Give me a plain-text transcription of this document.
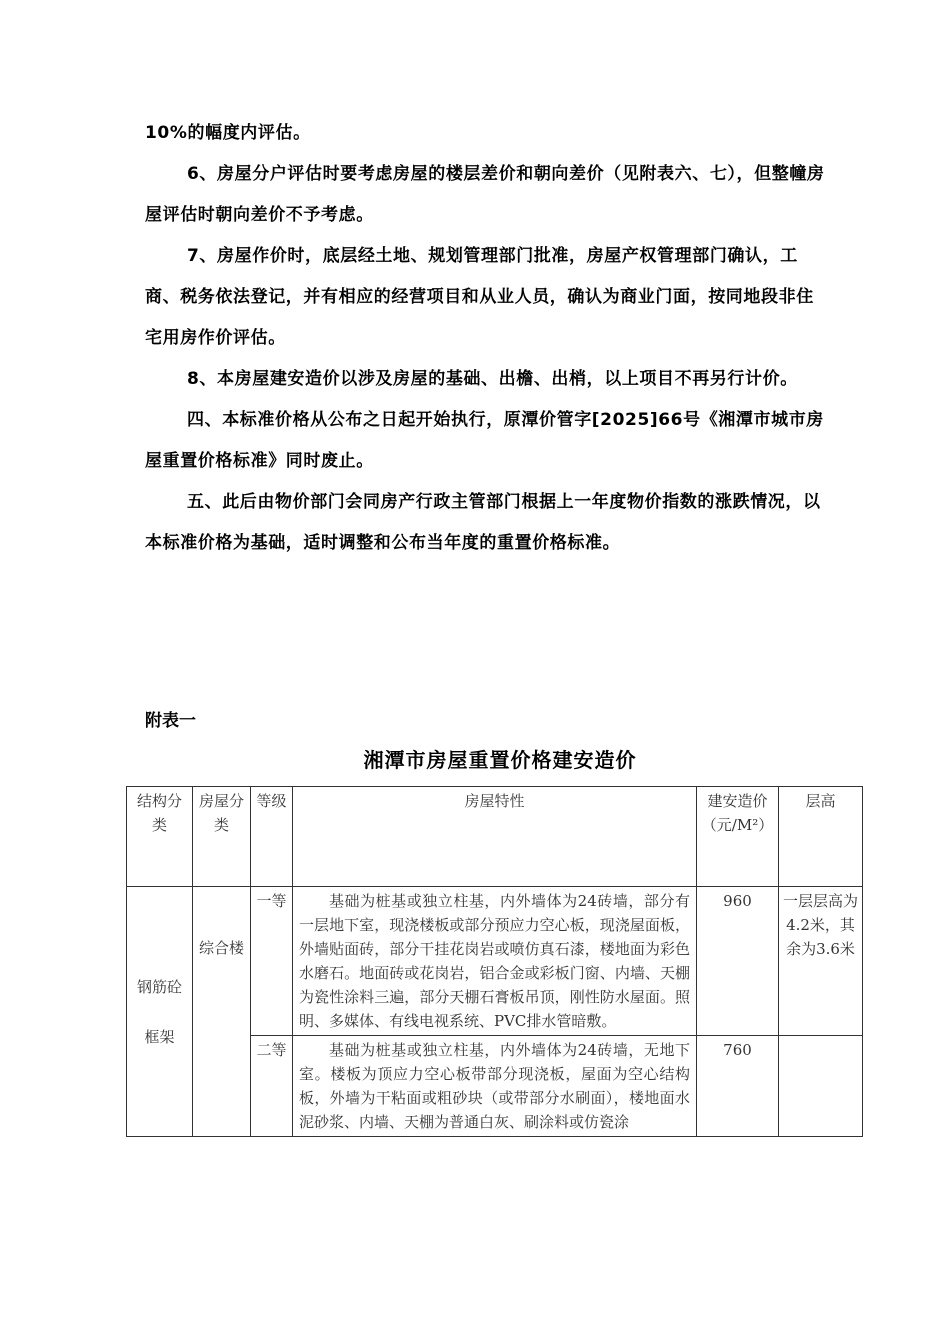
10%的幅度内评估。

6、房屋分户评估时要考虑房屋的楼层差价和朝向差价（见附表六、七），但整幢房屋评估时朝向差价不予考虑。

7、房屋作价时，底层经土地、规划管理部门批准，房屋产权管理部门确认，工商、税务依法登记，并有相应的经营项目和从业人员，确认为商业门面，按同地段非住宅用房作价评估。

8、本房屋建安造价以涉及房屋的基础、出檐、出梢，以上项目不再另行计价。

四、本标准价格从公布之日起开始执行，原潭价管字[2025]66号《湘潭市城市房屋重置价格标准》同时废止。

五、此后由物价部门会同房产行政主管部门根据上一年度物价指数的涨跌情况，以本标准价格为基础，适时调整和公布当年度的重置价格标准。

附表一
湘潭市房屋重置价格建安造价
结构分类	房屋分类	等级	房屋特性	建安造价（元/M²）	层高
钢筋砼框架	综合楼	一等	基础为桩基或独立柱基，内外墙体为24砖墙，部分有一层地下室，现浇楼板或部分预应力空心板，现浇屋面板，外墙贴面砖，部分干挂花岗岩或喷仿真石漆，楼地面为彩色水磨石。地面砖或花岗岩，铝合金或彩板门窗、内墙、天棚为瓷性涂料三遍，部分天棚石膏板吊顶，刚性防水屋面。照明、多媒体、有线电视系统、PVC排水管暗敷。	960	一层层高为4.2米，其余为3.6米
		二等	基础为桩基或独立柱基，内外墙体为24砖墙，无地下室。楼板为顶应力空心板带部分现浇板，屋面为空心结构板，外墙为干粘面或粗砂块（或带部分水刷面），楼地面水泥砂浆、内墙、天棚为普通白灰、刷涂料或仿瓷涂	760	
